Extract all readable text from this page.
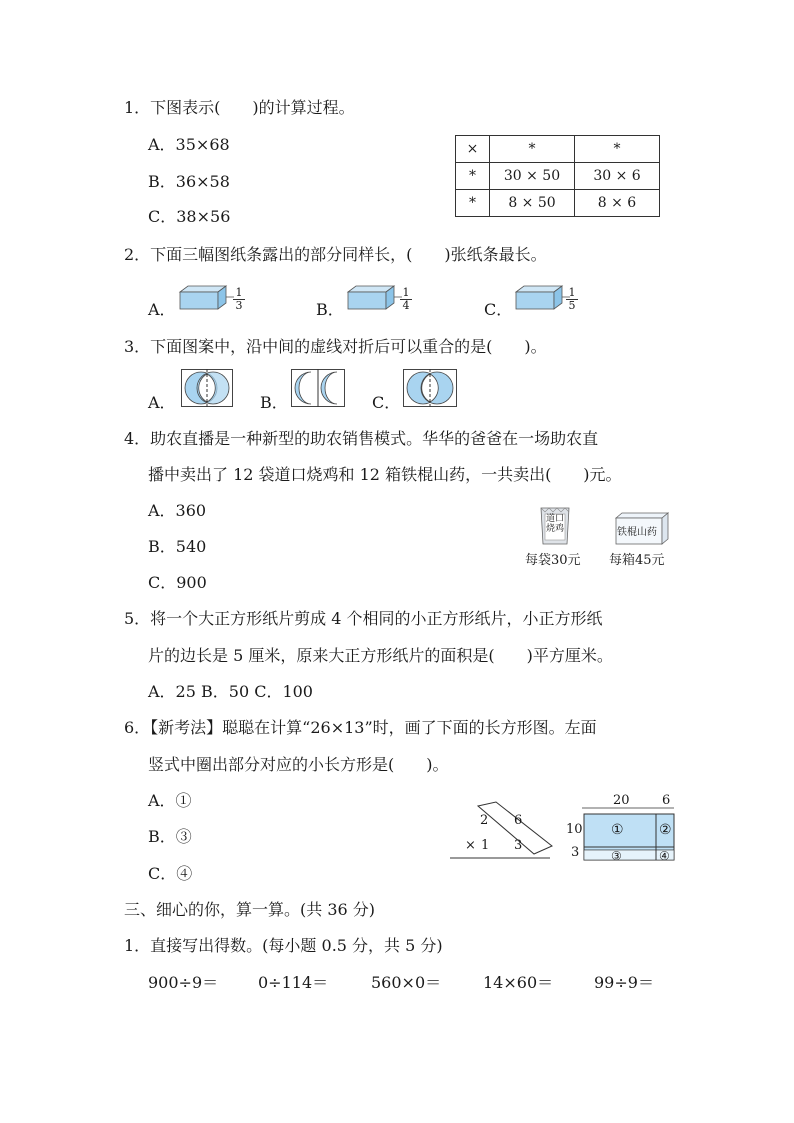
1．下图表示(　　)的计算过程。
A．35×68
B．36×58
C．38×56
×	*	*
*	30 × 50	30 × 6
*	8 × 50	8 × 6
2．下面三幅图纸条露出的部分同样长，(　　)张纸条最长。
A．	B．	C．
$\frac{1}{3}$	$\frac{1}{4}$	$\frac{1}{5}$
3．下面图案中，沿中间的虚线对折后可以重合的是(　　)。
A．	B．	C．
4．助农直播是一种新型的助农销售模式。华华的爸爸在一场助农直
播中卖出了 12 袋道口烧鸡和 12 箱铁棍山药，一共卖出(　　)元。
A．360
B．540
C．900
道口烧鸡
每袋30元
铁棍山药
每箱45元
5．将一个大正方形纸片剪成 4 个相同的小正方形纸片，小正方形纸
片的边长是 5 厘米，原来大正方形纸片的面积是(　　)平方厘米。
A．25 B．50 C．100
6．【新考法】聪聪在计算“26×13”时，画了下面的长方形图。左面
竖式中圈出部分对应的小长方形是(　　)。
A．①
B．③
C．④
2 6
× 1 3
20 6
10
3
①	②
③	④
三、细心的你，算一算。(共 36 分)
1．直接写出得数。(每小题 0.5 分，共 5 分)
900÷9＝ 0÷114＝	560×0＝	14×60＝	99÷9＝
